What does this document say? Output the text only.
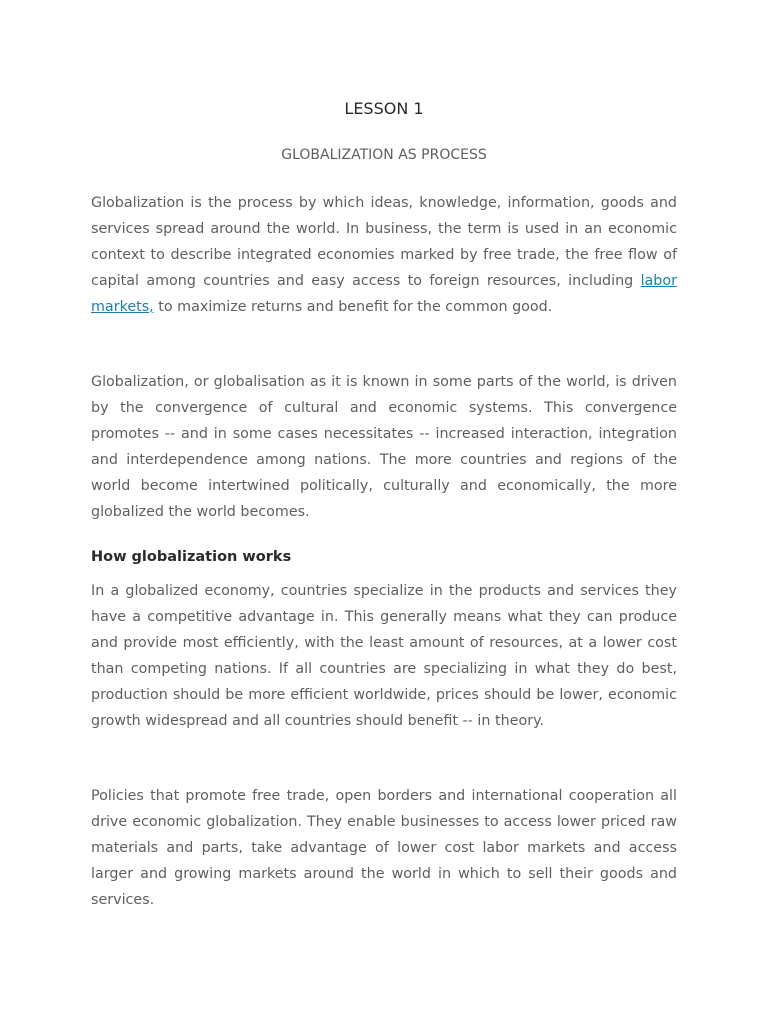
LESSON 1
GLOBALIZATION AS PROCESS

Globalization is the process by which ideas, knowledge, information, goods and services spread around the world. In business, the term is used in an economic context to describe integrated economies marked by free trade, the free flow of capital among countries and easy access to foreign resources, including labor markets, to maximize returns and benefit for the common good.

Globalization, or globalisation as it is known in some parts of the world, is driven by the convergence of cultural and economic systems. This convergence promotes -- and in some cases necessitates -- increased interaction, integration and interdependence among nations. The more countries and regions of the world become intertwined politically, culturally and economically, the more globalized the world becomes.

How globalization works

In a globalized economy, countries specialize in the products and services they have a competitive advantage in. This generally means what they can produce and provide most efficiently, with the least amount of resources, at a lower cost than competing nations. If all countries are specializing in what they do best, production should be more efficient worldwide, prices should be lower, economic growth widespread and all countries should benefit -- in theory.

Policies that promote free trade, open borders and international cooperation all drive economic globalization. They enable businesses to access lower priced raw materials and parts, take advantage of lower cost labor markets and access larger and growing markets around the world in which to sell their goods and services.
